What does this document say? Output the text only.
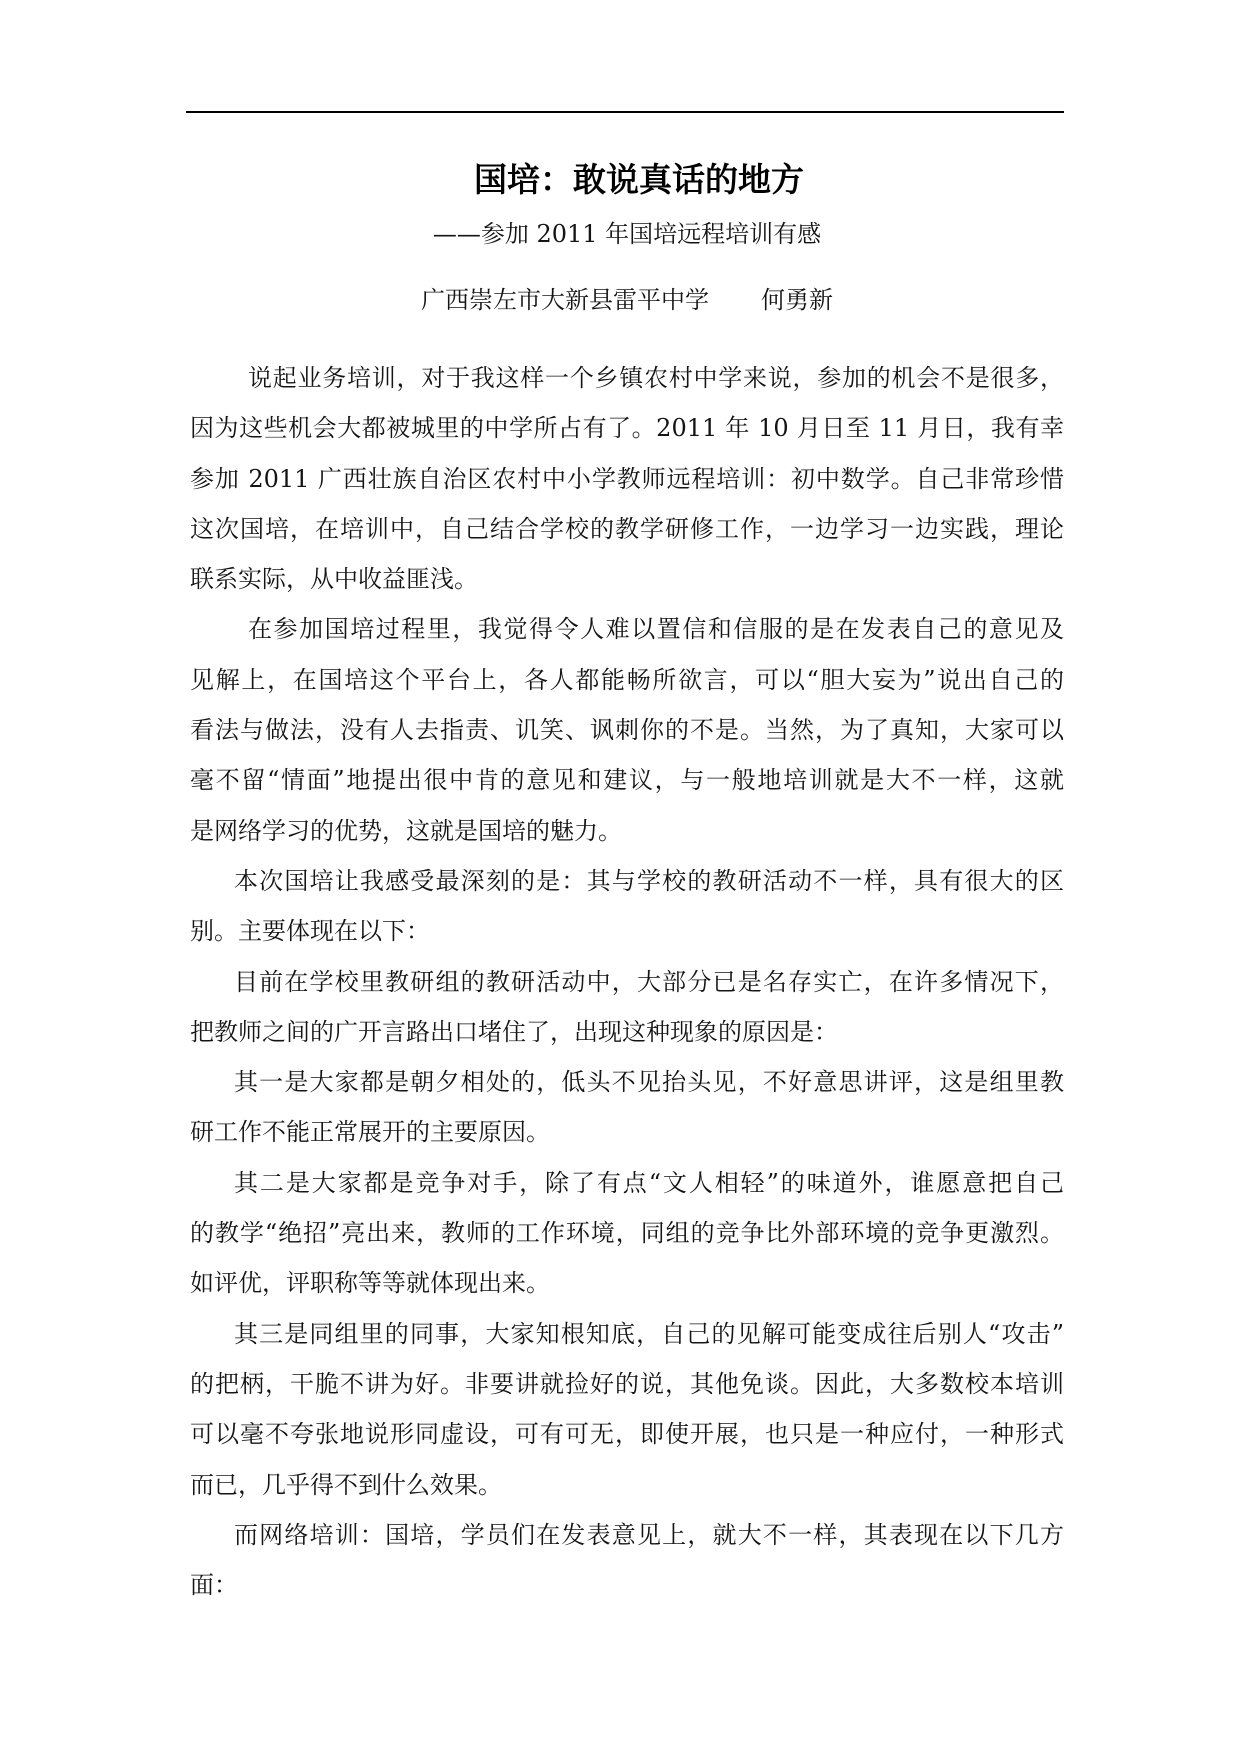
国培：敢说真话的地方
——参加 2011 年国培远程培训有感
广西崇左市大新县雷平中学 何勇新
说起业务培训，对于我这样一个乡镇农村中学来说，参加的机会不是很多，
因为这些机会大都被城里的中学所占有了。2011 年 10 月日至 11 月日，我有幸
参加 2011 广西壮族自治区农村中小学教师远程培训：初中数学。自己非常珍惜
这次国培，在培训中，自己结合学校的教学研修工作，一边学习一边实践，理论
联系实际，从中收益匪浅。
在参加国培过程里，我觉得令人难以置信和信服的是在发表自己的意见及
见解上，在国培这个平台上，各人都能畅所欲言，可以“胆大妄为”说出自己的
看法与做法，没有人去指责、讥笑、讽刺你的不是。当然，为了真知，大家可以
毫不留“情面”地提出很中肯的意见和建议，与一般地培训就是大不一样，这就
是网络学习的优势，这就是国培的魅力。
本次国培让我感受最深刻的是：其与学校的教研活动不一样，具有很大的区
别。主要体现在以下：
目前在学校里教研组的教研活动中，大部分已是名存实亡，在许多情况下，
把教师之间的广开言路出口堵住了，出现这种现象的原因是：
其一是大家都是朝夕相处的，低头不见抬头见，不好意思讲评，这是组里教
研工作不能正常展开的主要原因。
其二是大家都是竞争对手，除了有点“文人相轻”的味道外，谁愿意把自己
的教学“绝招”亮出来，教师的工作环境，同组的竞争比外部环境的竞争更激烈。
如评优，评职称等等就体现出来。
其三是同组里的同事，大家知根知底，自己的见解可能变成往后别人“攻击”
的把柄，干脆不讲为好。非要讲就捡好的说，其他免谈。因此，大多数校本培训
可以毫不夸张地说形同虚设，可有可无，即使开展，也只是一种应付，一种形式
而已，几乎得不到什么效果。
而网络培训：国培，学员们在发表意见上，就大不一样，其表现在以下几方
面：
